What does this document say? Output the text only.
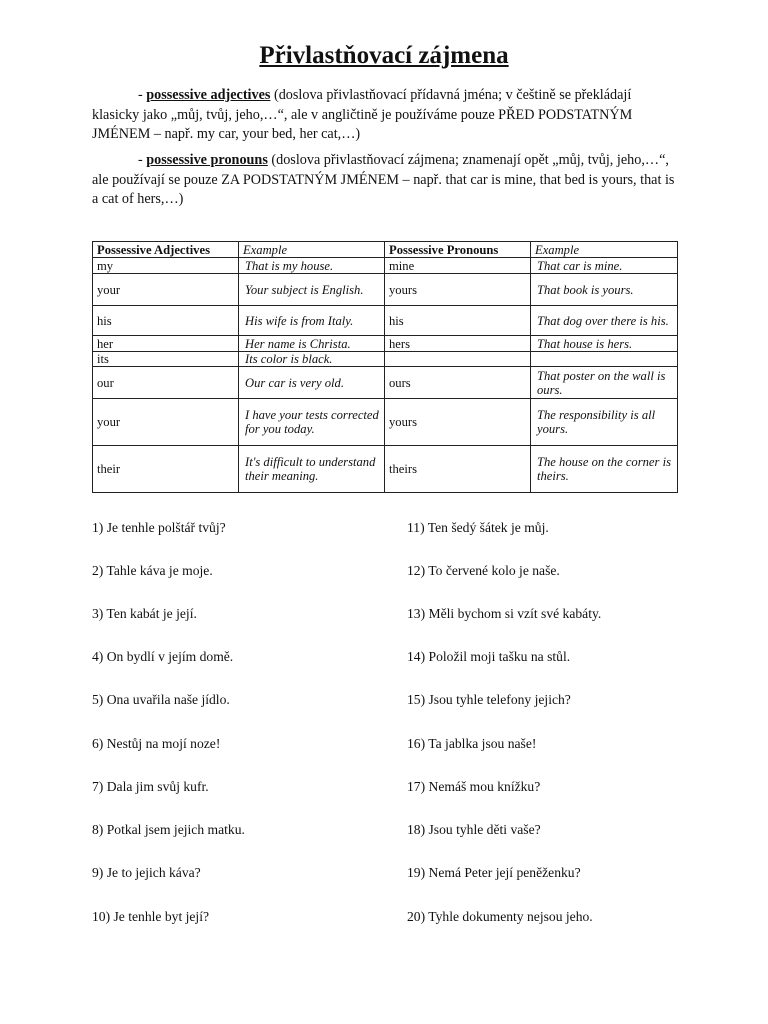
Přivlastňovací zájmena

- possessive adjectives (doslova přivlastňovací přídavná jména; v češtině se překládají klasicky jako „můj, tvůj, jeho,…“, ale v angličtině je používáme pouze PŘED PODSTATNÝM JMÉNEM – např. my car, your bed, her cat,…)

- possessive pronouns (doslova přivlastňovací zájmena; znamenají opět „můj, tvůj, jeho,…“, ale používají se pouze ZA PODSTATNÝM JMÉNEM – např. that car is mine, that bed is yours, that is a cat of hers,…)

Possessive Adjectives	Example	Possessive Pronouns	Example
my	That is my house.	mine	That car is mine.
your	Your subject is English.	yours	That book is yours.
his	His wife is from Italy.	his	That dog over there is his.
her	Her name is Christa.	hers	That house is hers.
its	Its color is black.		
our	Our car is very old.	ours	That poster on the wall is ours.
your	I have your tests corrected for you today.	yours	The responsibility is all yours.
their	It's difficult to understand their meaning.	theirs	The house on the corner is theirs.
1) Je tenhle polštář tvůj?
2) Tahle káva je moje.
3) Ten kabát je její.
4) On bydlí v jejím domě.
5) Ona uvařila naše jídlo.
6) Nestůj na mojí noze!
7) Dala jim svůj kufr.
8) Potkal jsem jejich matku.
9) Je to jejich káva?
10) Je tenhle byt její?
11) Ten šedý šátek je můj.
12) To červené kolo je naše.
13) Měli bychom si vzít své kabáty.
14) Položil moji tašku na stůl.
15) Jsou tyhle telefony jejich?
16) Ta jablka jsou naše!
17) Nemáš mou knížku?
18) Jsou tyhle děti vaše?
19) Nemá Peter její peněženku?
20) Tyhle dokumenty nejsou jeho.
